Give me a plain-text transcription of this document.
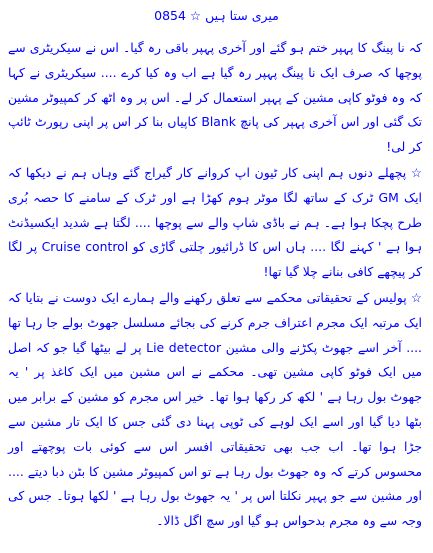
میری ستا ہیں ☆ 0854

کہ نا پینگ کا پہپر ختم ہو گئے اور آخری پہپر باقی رہ گیا۔ اس نے سیکریٹری سے پوچھا کہ صرف ایک نا پینگ پہپر رہ گیا ہے اب وہ کیا کرے .... سیکریٹری نے کہا کہ وہ فوٹو کاپی مشین کے پہپر استعمال کر لے۔ اس پر وہ اٹھ کر کمپیوٹر مشین تک گئی اور اس آخری پہپر کی پانچ Blank کاپیاں بنا کر اس پر اپنی رپورٹ ٹائپ کر لی!

☆ پچھلے دنوں ہم اپنی کار ٹیون اپ کروانے کار گیراج گئے وہاں ہم نے دیکھا کہ ایک GM ٹرک کے ساتھ لگا موٹر ہوم کھڑا ہے اور ٹرک کے سامنے کا حصہ بُری طرح پچکا ہوا ہے۔ ہم نے باڈی شاپ والے سے پوچھا .... لگتا ہے شدید ایکسیڈنٹ ہوا ہے ' کہنے لگا .... ہاں اس کا ڈرائیور چلتی گاڑی کو Cruise control پر لگا کر پیچھے کافی بنانے چلا گیا تھا!

☆ پولیس کے تحقیقاتی محکمے سے تعلق رکھنے والے ہمارے ایک دوست نے بتایا کہ ایک مرتبہ ایک مجرم اعتراف جرم کرنے کی بجائے مسلسل جھوٹ بولے جا رہا تھا .... آخر اسے جھوٹ پکڑنے والی مشین Lie detector پر لے بیٹھا گیا جو کہ اصل میں ایک فوٹو کاپی مشین تھی۔ محکمے نے اس مشین میں ایک کاغذ پر ' یہ جھوٹ بول رہا ہے ' لکھ کر رکھا ہوا تھا۔ خیر اس مجرم کو مشین کے برابر میں بٹھا دیا گیا اور اسے ایک لوہے کی ٹوپی پہنا دی گئی جس کا ایک تار مشین سے جڑا ہوا تھا۔ اب جب بھی تحقیقاتی افسر اس سے کوئی بات پوچھتے اور محسوس کرتے کہ وہ جھوٹ بول رہا ہے تو اس کمپیوٹر مشین کا بٹن دبا دیتے .... اور مشین سے جو پہپر نکلتا اس پر ' یہ جھوٹ بول رہا ہے ' لکھا ہوتا۔ جس کی وجہ سے وہ مجرم بدحواس ہو گیا اور سچ اگل ڈالا۔
